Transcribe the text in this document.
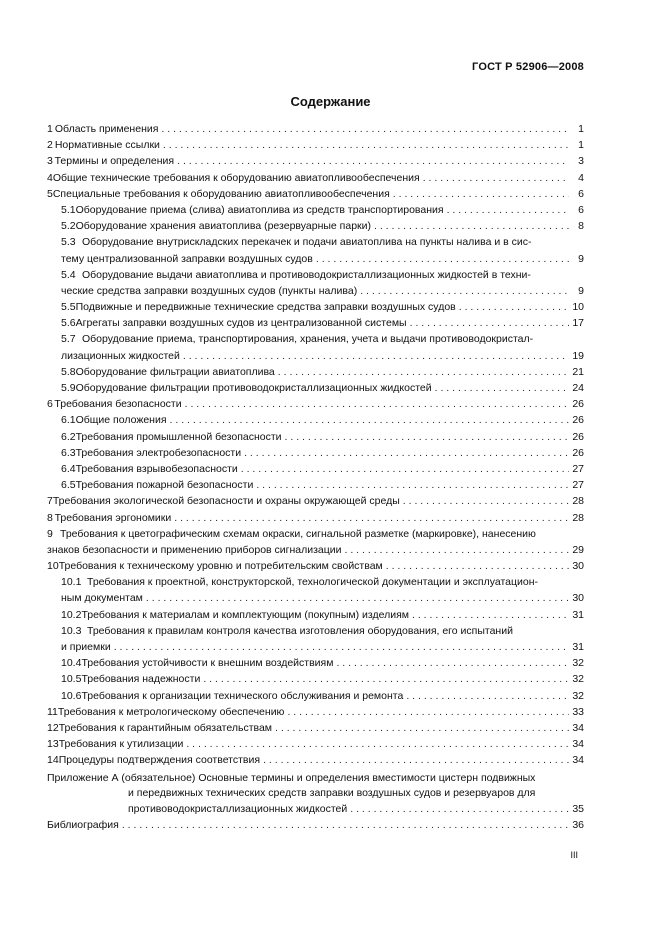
ГОСТ Р 52906—2008
Содержание
1 Область применения . . .	1
2 Нормативные ссылки . . .	1
3 Термины и определения . . .	3
4 Общие технические требования к оборудованию авиатопливообеспечения . . .	4
5 Специальные требования к оборудованию авиатопливообеспечения . . .	6
5.1 Оборудование приема (слива) авиатоплива из средств транспортирования . . .	6
5.2 Оборудование хранения авиатоплива (резервуарные парки) . . .	8
5.3 Оборудование внутрискладских перекачек и подачи авиатоплива на пункты налива и в сис-
тему централизованной заправки воздушных судов . . .	9
5.4 Оборудование выдачи авиатоплива и противоводокристаллизационных жидкостей в техни-
ческие средства заправки воздушных судов (пункты налива) . . .	9
5.5 Подвижные и передвижные технические средства заправки воздушных судов . . .	10
5.6 Агрегаты заправки воздушных судов из централизованной системы . . .	17
5.7 Оборудование приема, транспортирования, хранения, учета и выдачи противоводокристал-
лизационных жидкостей . . .	19
5.8 Оборудование фильтрации авиатоплива . . .	21
5.9 Оборудование фильтрации противоводокристаллизационных жидкостей . . .	24
6 Требования безопасности . . .	26
6.1 Общие положения . . .	26
6.2 Требования промышленной безопасности . . .	26
6.3 Требования электробезопасности . . .	26
6.4 Требования взрывобезопасности . . .	27
6.5 Требования пожарной безопасности . . .	27
7 Требования экологической безопасности и охраны окружающей среды . . .	28
8 Требования эргономики . . .	28
9 Требования к цветографическим схемам окраски, сигнальной разметке (маркировке), нанесению
знаков безопасности и применению приборов сигнализации . . .	29
10 Требования к техническому уровню и потребительским свойствам . . .	30
10.1 Требования к проектной, конструкторской, технологической документации и эксплуатацион-
ным документам . . .	30
10.2 Требования к материалам и комплектующим (покупным) изделиям . . .	31
10.3 Требования к правилам контроля качества изготовления оборудования, его испытаний
и приемки . . .	31
10.4 Требования устойчивости к внешним воздействиям . . .	32
10.5 Требования надежности . . .	32
10.6 Требования к организации технического обслуживания и ремонта . . .	32
11 Требования к метрологическому обеспечению . . .	33
12 Требования к гарантийным обязательствам . . .	34
13 Требования к утилизации . . .	34
14 Процедуры подтверждения соответствия . . .	34
Приложение А (обязательное) Основные термины и определения вместимости цистерн подвижных
и передвижных технических средств заправки воздушных судов и резервуаров для
противоводокристаллизационных жидкостей . . .	35
Библиография . . .	36
III
